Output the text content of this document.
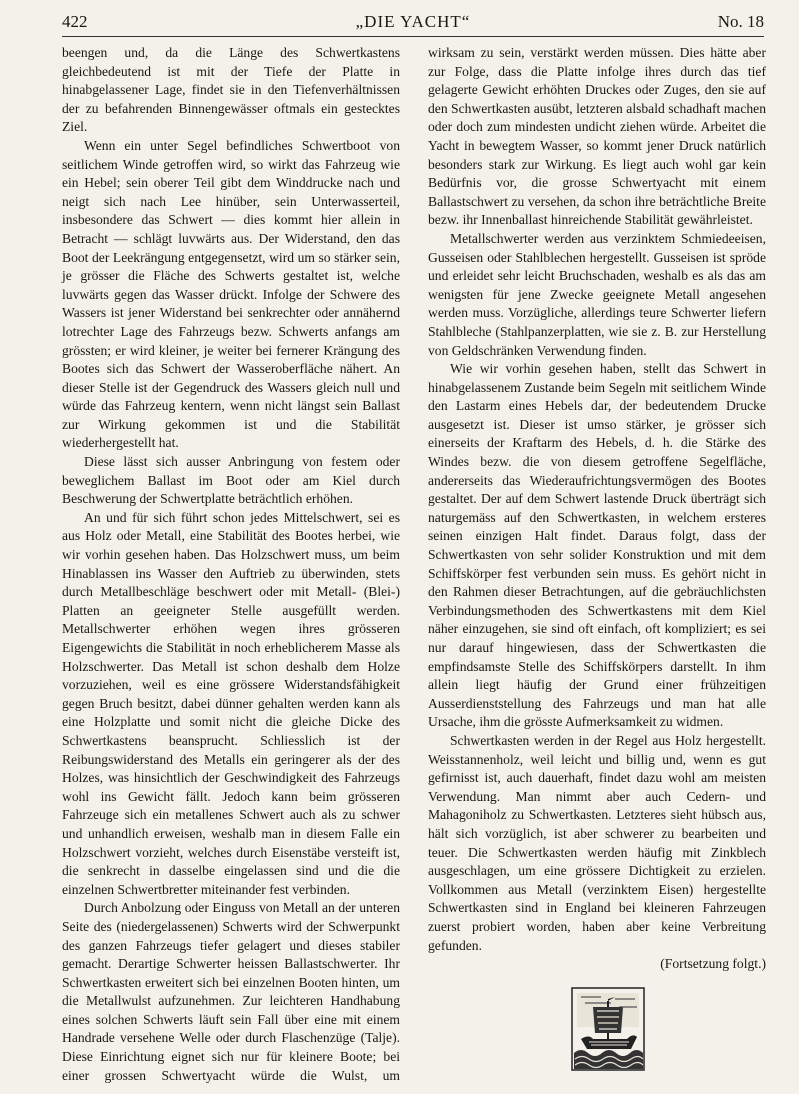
422	„DIE YACHT“	No. 18

beengen und, da die Länge des Schwertkastens gleichbedeutend ist mit der Tiefe der Platte in hinabgelassener Lage, findet sie in den Tiefenverhältnissen der zu befahrenden Binnengewässer oftmals ein gestecktes Ziel.

Wenn ein unter Segel befindliches Schwertboot von seitlichem Winde getroffen wird, so wirkt das Fahrzeug wie ein Hebel; sein oberer Teil gibt dem Winddrucke nach und neigt sich nach Lee hinüber, sein Unterwasserteil, insbesondere das Schwert — dies kommt hier allein in Betracht — schlägt luvwärts aus. Der Widerstand, den das Boot der Leekrängung entgegensetzt, wird um so stärker sein, je grösser die Fläche des Schwerts gestaltet ist, welche luvwärts gegen das Wasser drückt. Infolge der Schwere des Wassers ist jener Widerstand bei senkrechter oder annähernd lotrechter Lage des Fahrzeugs bezw. Schwerts anfangs am grössten; er wird kleiner, je weiter bei fernerer Krängung des Bootes sich das Schwert der Wasseroberfläche nähert. An dieser Stelle ist der Gegendruck des Wassers gleich null und würde das Fahrzeug kentern, wenn nicht längst sein Ballast zur Wirkung gekommen ist und die Stabilität wiederhergestellt hat.

Diese lässt sich ausser Anbringung von festem oder beweglichem Ballast im Boot oder am Kiel durch Beschwerung der Schwertplatte beträchtlich erhöhen.

An und für sich führt schon jedes Mittelschwert, sei es aus Holz oder Metall, eine Stabilität des Bootes herbei, wie wir vorhin gesehen haben. Das Holzschwert muss, um beim Hinablassen ins Wasser den Auftrieb zu überwinden, stets durch Metallbeschläge beschwert oder mit Metall- (Blei-) Platten an geeigneter Stelle ausgefüllt werden. Metallschwerter erhöhen wegen ihres grösseren Eigengewichts die Stabilität in noch erheblicherem Masse als Holzschwerter. Das Metall ist schon deshalb dem Holze vorzuziehen, weil es eine grössere Widerstandsfähigkeit gegen Bruch besitzt, dabei dünner gehalten werden kann als eine Holzplatte und somit nicht die gleiche Dicke des Schwertkastens beansprucht. Schliesslich ist der Reibungswiderstand des Metalls ein geringerer als der des Holzes, was hinsichtlich der Geschwindigkeit des Fahrzeugs wohl ins Gewicht fällt. Jedoch kann beim grösseren Fahrzeuge sich ein metallenes Schwert auch als zu schwer und unhandlich erweisen, weshalb man in diesem Falle ein Holzschwert vorzieht, welches durch Eisenstäbe versteift ist, die senkrecht in dasselbe eingelassen sind und die die einzelnen Schwertbretter miteinander fest verbinden.

Durch Anbolzung oder Einguss von Metall an der unteren Seite des (niedergelassenen) Schwerts wird der Schwerpunkt des ganzen Fahrzeugs tiefer gelagert und dieses stabiler gemacht. Derartige Schwerter heissen Ballastschwerter. Ihr Schwertkasten erweitert sich bei einzelnen Booten hinten, um die Metallwulst aufzunehmen. Zur leichteren Handhabung eines solchen Schwerts läuft sein Fall über eine mit einem Handrade versehene Welle oder durch Flaschenzüge (Talje). Diese Einrichtung eignet sich nur für kleinere Boote; bei einer grossen Schwertyacht würde die Wulst, um

wirksam zu sein, verstärkt werden müssen. Dies hätte aber zur Folge, dass die Platte infolge ihres durch das tief gelagerte Gewicht erhöhten Druckes oder Zuges, den sie auf den Schwertkasten ausübt, letzteren alsbald schadhaft machen oder doch zum mindesten undicht ziehen würde. Arbeitet die Yacht in bewegtem Wasser, so kommt jener Druck natürlich besonders stark zur Wirkung. Es liegt auch wohl gar kein Bedürfnis vor, die grosse Schwertyacht mit einem Ballastschwert zu versehen, da schon ihre beträchtliche Breite bezw. ihr Innenballast hinreichende Stabilität gewährleistet.

Metallschwerter werden aus verzinktem Schmiedeeisen, Gusseisen oder Stahlblechen hergestellt. Gusseisen ist spröde und erleidet sehr leicht Bruchschaden, weshalb es als das am wenigsten für jene Zwecke geeignete Metall angesehen werden muss. Vorzügliche, allerdings teure Schwerter liefern Stahlbleche (Stahlpanzerplatten, wie sie z. B. zur Herstellung von Geldschränken Verwendung finden.

Wie wir vorhin gesehen haben, stellt das Schwert in hinabgelassenem Zustande beim Segeln mit seitlichem Winde den Lastarm eines Hebels dar, der bedeutendem Drucke ausgesetzt ist. Dieser ist umso stärker, je grösser sich einerseits der Kraftarm des Hebels, d. h. die Stärke des Windes bezw. die von diesem getroffene Segelfläche, andererseits das Wiederaufrichtungsvermögen des Bootes gestaltet. Der auf dem Schwert lastende Druck überträgt sich naturgemäss auf den Schwertkasten, in welchem ersteres seinen einzigen Halt findet. Daraus folgt, dass der Schwertkasten von sehr solider Konstruktion und mit dem Schiffskörper fest verbunden sein muss. Es gehört nicht in den Rahmen dieser Betrachtungen, auf die gebräuchlichsten Verbindungsmethoden des Schwertkastens mit dem Kiel näher einzugehen, sie sind oft einfach, oft kompliziert; es sei nur darauf hingewiesen, dass der Schwertkasten die empfindsamste Stelle des Schiffskörpers darstellt. In ihm allein liegt häufig der Grund einer frühzeitigen Ausserdienststellung des Fahrzeugs und man hat alle Ursache, ihm die grösste Aufmerksamkeit zu widmen.

Schwertkasten werden in der Regel aus Holz hergestellt. Weisstannenholz, weil leicht und billig und, wenn es gut gefirnisst ist, auch dauerhaft, findet dazu wohl am meisten Verwendung. Man nimmt aber auch Cedern- und Mahagoniholz zu Schwertkasten. Letzteres sieht hübsch aus, hält sich vorzüglich, ist aber schwerer zu bearbeiten und teuer. Die Schwertkasten werden häufig mit Zinkblech ausgeschlagen, um eine grössere Dichtigkeit zu erzielen. Vollkommen aus Metall (verzinktem Eisen) hergestellte Schwertkasten sind in England bei kleineren Fahrzeugen zuerst probiert worden, haben aber keine Verbreitung gefunden.

(Fortsetzung folgt.)
